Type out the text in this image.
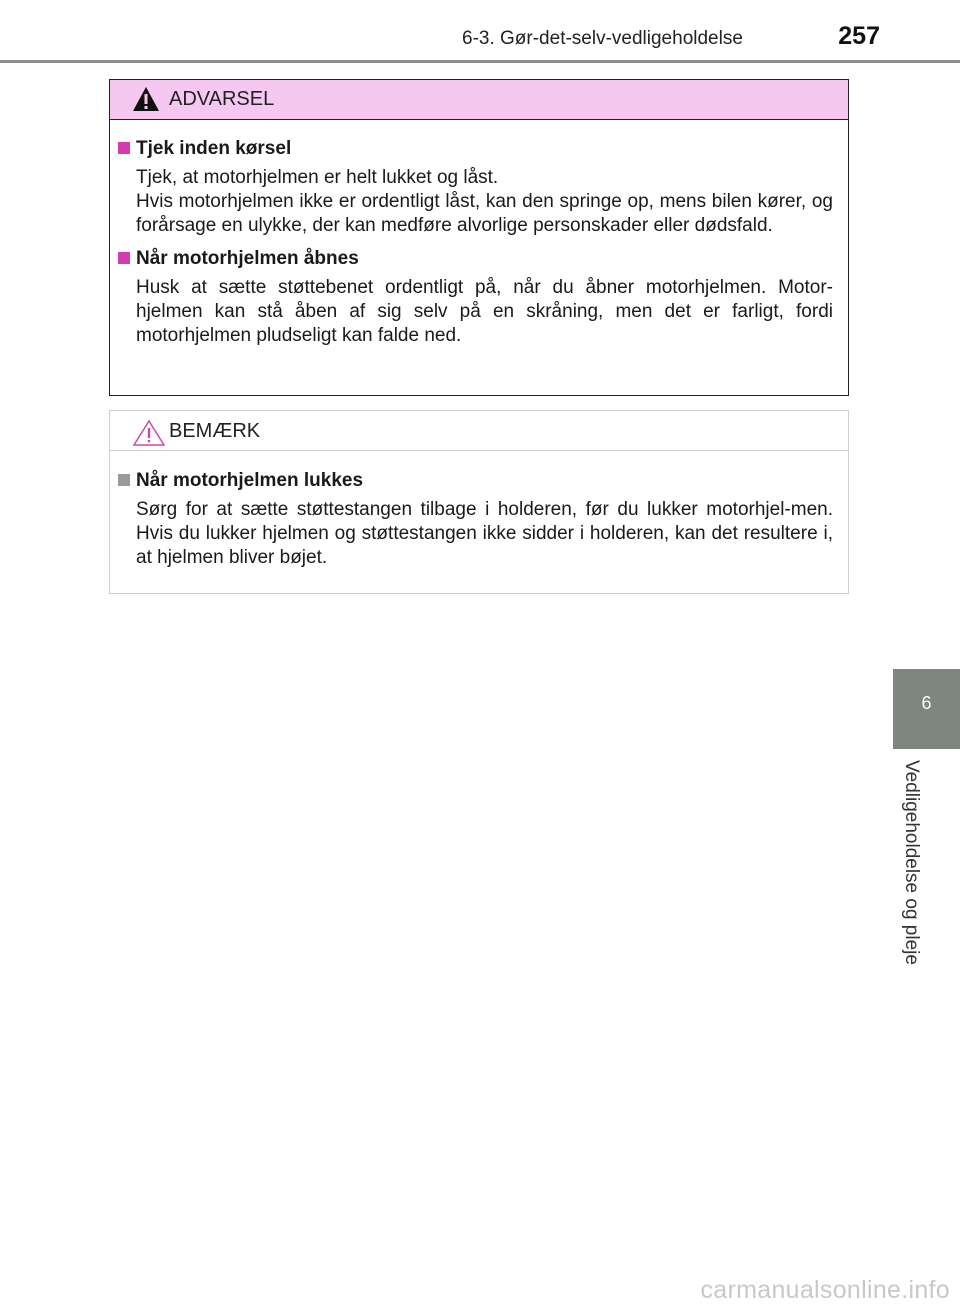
6-3. Gør-det-selv-vedligeholdelse	257
ADVARSEL
Tjek inden kørsel
Tjek, at motorhjelmen er helt lukket og låst.
Hvis motorhjelmen ikke er ordentligt låst, kan den springe op, mens bilen kører, og forårsage en ulykke, der kan medføre alvorlige personskader eller dødsfald.
Når motorhjelmen åbnes
Husk at sætte støttebenet ordentligt på, når du åbner motorhjelmen. Motor-hjelmen kan stå åben af sig selv på en skråning, men det er farligt, fordi motorhjelmen pludseligt kan falde ned.
BEMÆRK
Når motorhjelmen lukkes
Sørg for at sætte støttestangen tilbage i holderen, før du lukker motorhjel-men. Hvis du lukker hjelmen og støttestangen ikke sidder i holderen, kan det resultere i, at hjelmen bliver bøjet.
6
Vedligeholdelse og pleje
carmanualsonline.info
